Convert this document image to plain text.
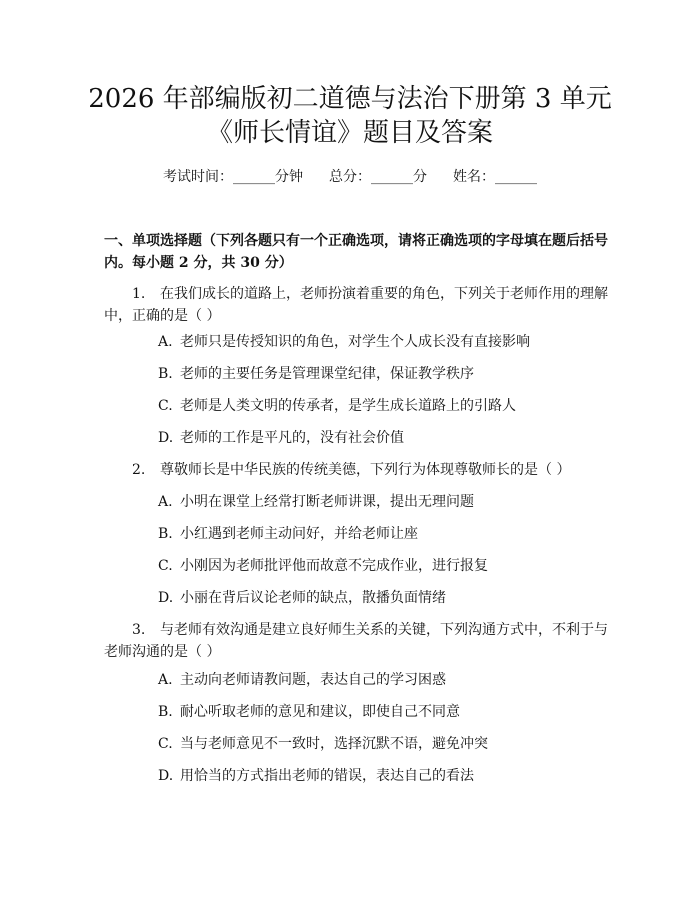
2026 年部编版初二道德与法治下册第 3 单元
《师长情谊》题目及答案
考试时间：______分钟 总分：______分 姓名：______
一、单项选择题（下列各题只有一个正确选项，请将正确选项的字母填在题后括号内。每小题 2 分，共 30 分）
1. 在我们成长的道路上，老师扮演着重要的角色，下列关于老师作用的理解中，正确的是（ ）
A. 老师只是传授知识的角色，对学生个人成长没有直接影响
B. 老师的主要任务是管理课堂纪律，保证教学秩序
C. 老师是人类文明的传承者，是学生成长道路上的引路人
D. 老师的工作是平凡的，没有社会价值
2. 尊敬师长是中华民族的传统美德，下列行为体现尊敬师长的是（ ）
A. 小明在课堂上经常打断老师讲课，提出无理问题
B. 小红遇到老师主动问好，并给老师让座
C. 小刚因为老师批评他而故意不完成作业，进行报复
D. 小丽在背后议论老师的缺点，散播负面情绪
3. 与老师有效沟通是建立良好师生关系的关键，下列沟通方式中，不利于与老师沟通的是（ ）
A. 主动向老师请教问题，表达自己的学习困惑
B. 耐心听取老师的意见和建议，即使自己不同意
C. 当与老师意见不一致时，选择沉默不语，避免冲突
D. 用恰当的方式指出老师的错误，表达自己的看法
